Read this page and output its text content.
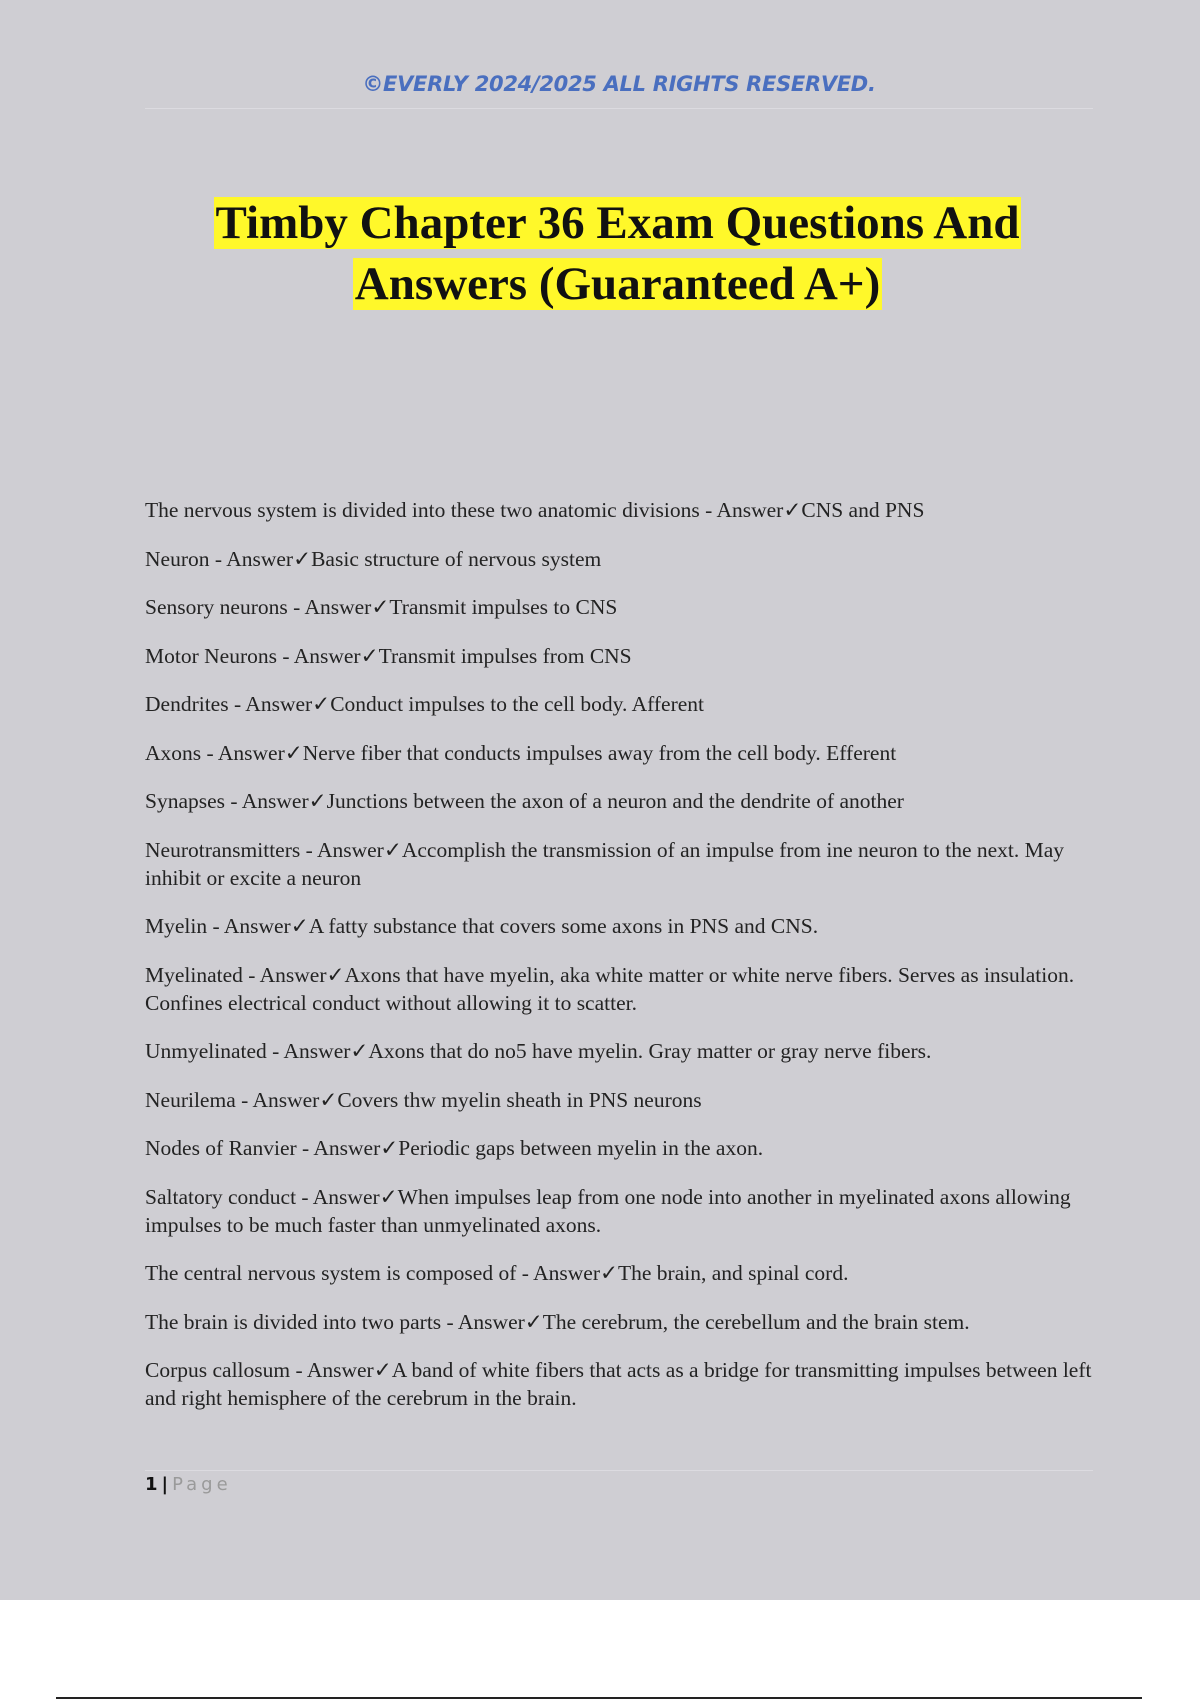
©EVERLY 2024/2025 ALL RIGHTS RESERVED.
Timby Chapter 36 Exam Questions And
Answers (Guaranteed A+)

The nervous system is divided into these two anatomic divisions - Answer✓CNS and PNS

Neuron - Answer✓Basic structure of nervous system

Sensory neurons - Answer✓Transmit impulses to CNS

Motor Neurons - Answer✓Transmit impulses from CNS

Dendrites - Answer✓Conduct impulses to the cell body. Afferent

Axons - Answer✓Nerve fiber that conducts impulses away from the cell body. Efferent

Synapses - Answer✓Junctions between the axon of a neuron and the dendrite of another

Neurotransmitters - Answer✓Accomplish the transmission of an impulse from ine neuron to the next. May inhibit or excite a neuron

Myelin - Answer✓A fatty substance that covers some axons in PNS and CNS.

Myelinated - Answer✓Axons that have myelin, aka white matter or white nerve fibers. Serves as insulation. Confines electrical conduct without allowing it to scatter.

Unmyelinated - Answer✓Axons that do no5 have myelin. Gray matter or gray nerve fibers.

Neurilema - Answer✓Covers thw myelin sheath in PNS neurons

Nodes of Ranvier - Answer✓Periodic gaps between myelin in the axon.

Saltatory conduct - Answer✓When impulses leap from one node into another in myelinated axons allowing impulses to be much faster than unmyelinated axons.

The central nervous system is composed of - Answer✓The brain, and spinal cord.

The brain is divided into two parts - Answer✓The cerebrum, the cerebellum and the brain stem.

Corpus callosum - Answer✓A band of white fibers that acts as a bridge for transmitting impulses between left and right hemisphere of the cerebrum in the brain.

1 | Page
